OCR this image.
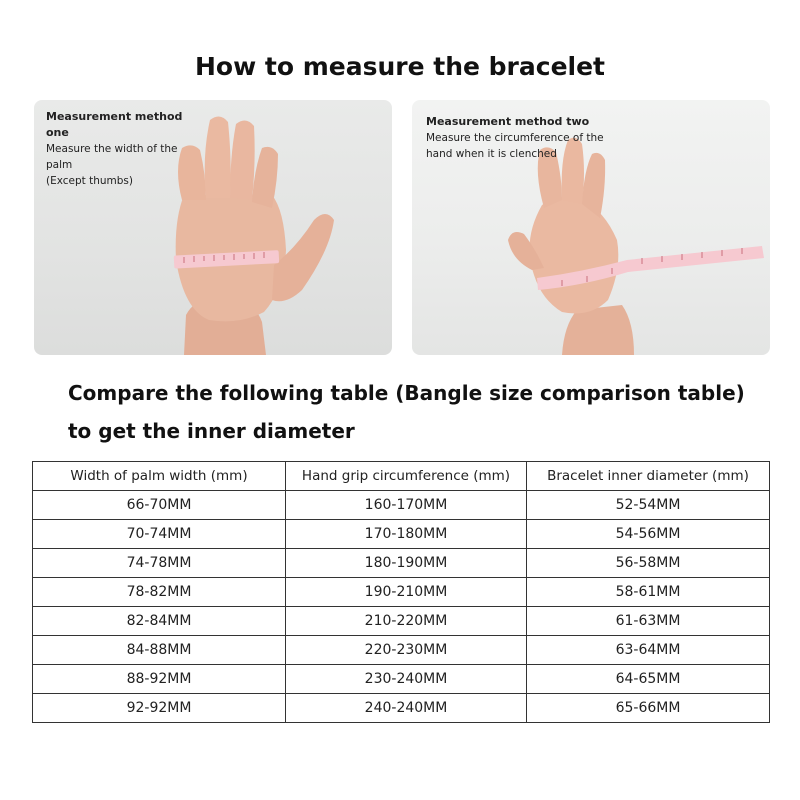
How to measure the bracelet
Measurement method one
Measure the width of the palm
(Except thumbs)
Measurement method two
Measure the circumference of the hand when it is clenched
Compare the following table (Bangle size comparison table)
to get the inner diameter
Width of palm width (mm)	Hand grip circumference (mm)	Bracelet inner diameter (mm)
66-70MM	160-170MM	52-54MM
70-74MM	170-180MM	54-56MM
74-78MM	180-190MM	56-58MM
78-82MM	190-210MM	58-61MM
82-84MM	210-220MM	61-63MM
84-88MM	220-230MM	63-64MM
88-92MM	230-240MM	64-65MM
92-92MM	240-240MM	65-66MM
